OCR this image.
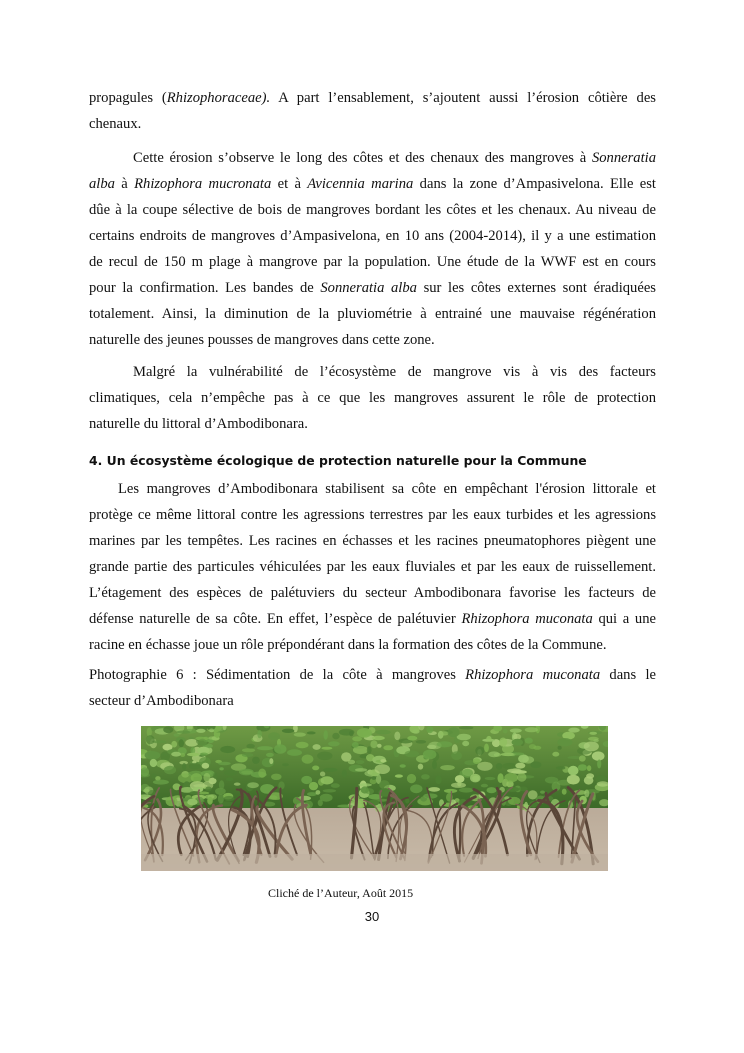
propagules (Rhizophoraceae). A part l’ensablement, s’ajoutent aussi l’érosion côtière des
chenaux.

Cette érosion s’observe le long des côtes et des chenaux des mangroves à Sonneratia
alba à Rhizophora mucronata et à Avicennia marina dans la zone d’Ampasivelona. Elle est
dûe à la coupe sélective de bois de mangroves bordant les côtes et les chenaux. Au niveau de
certains endroits de mangroves d’Ampasivelona, en 10 ans (2004-2014), il y a une estimation
de recul de 150 m plage à mangrove par la population. Une étude de la WWF est en cours
pour la confirmation. Les bandes de Sonneratia alba sur les côtes externes sont éradiquées
totalement. Ainsi, la diminution de la pluviométrie à entrainé une mauvaise régénération
naturelle des jeunes pousses de mangroves dans cette zone.

Malgré la vulnérabilité de l’écosystème de mangrove vis à vis des facteurs
climatiques, cela n’empêche pas à ce que les mangroves assurent le rôle de protection
naturelle du littoral d’Ambodibonara.

4. Un écosystème écologique de protection naturelle pour la Commune

Les mangroves d’Ambodibonara stabilisent sa côte en empêchant l'érosion littorale et
protège ce même littoral contre les agressions terrestres par les eaux turbides et les agressions
marines par les tempêtes. Les racines en échasses et les racines pneumatophores piègent une
grande partie des particules véhiculées par les eaux fluviales et par les eaux de ruissellement.
L’étagement des espèces de palétuviers du secteur Ambodibonara favorise les facteurs de
défense naturelle de sa côte. En effet, l’espèce de palétuvier Rhizophora muconata qui a une
racine en échasse joue un rôle prépondérant dans la formation des côtes de la Commune.

Photographie 6 : Sédimentation de la côte à mangroves Rhizophora muconata dans le
secteur d’Ambodibonara

Cliché de l’Auteur, Août 2015
30
